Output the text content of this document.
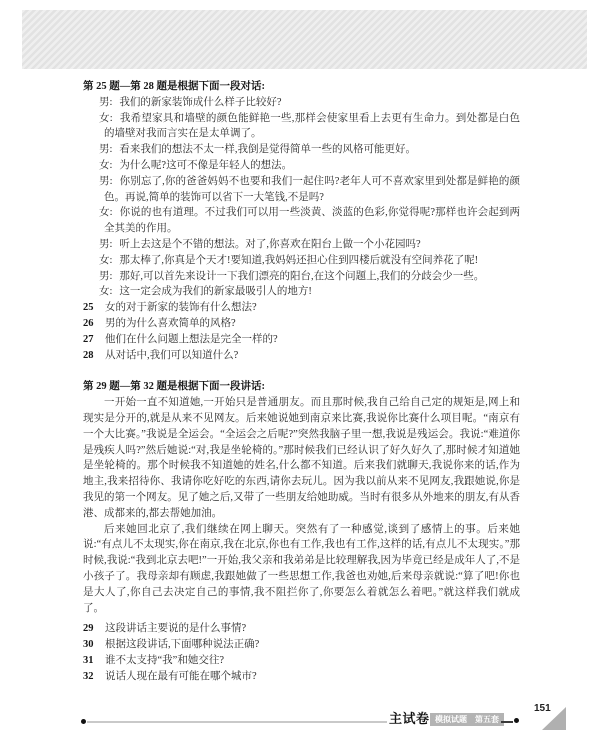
第 25 题—第 28 题是根据下面一段对话:

男: 我们的新家装饰成什么样子比较好?

女: 我希望家具和墙壁的颜色能鲜艳一些,那样会使家里看上去更有生命力。到处都是白色的墙壁对我而言实在是太单调了。

男: 看来我们的想法不太一样,我倒是觉得简单一些的风格可能更好。

女: 为什么呢?这可不像是年轻人的想法。

男: 你别忘了,你的爸爸妈妈不也要和我们一起住吗?老年人可不喜欢家里到处都是鲜艳的颜色。再说,简单的装饰可以省下一大笔钱,不是吗?

女: 你说的也有道理。不过我们可以用一些淡黄、淡蓝的色彩,你觉得呢?那样也许会起到两全其美的作用。

男: 听上去这是个不错的想法。对了,你喜欢在阳台上做一个小花园吗?

女: 那太棒了,你真是个天才!要知道,我妈妈还担心住到四楼后就没有空间养花了呢!

男: 那好,可以首先来设计一下我们漂亮的阳台,在这个问题上,我们的分歧会少一些。

女: 这一定会成为我们的新家最吸引人的地方!

25 女的对于新家的装饰有什么想法?

26 男的为什么喜欢简单的风格?

27 他们在什么问题上想法是完全一样的?

28 从对话中,我们可以知道什么?

第 29 题—第 32 题是根据下面一段讲话:

一开始一直不知道她,一开始只是普通朋友。而且那时候,我自己给自己定的规矩是,网上和现实是分开的,就是从来不见网友。后来她说她到南京来比赛,我说你比赛什么项目呢。“南京有一个大比赛。”我说是全运会。“全运会之后呢?”突然我脑子里一想,我说是残运会。我说:“难道你是残疾人吗?”然后她说:“对,我是坐轮椅的。”那时候我们已经认识了好久好久了,那时候才知道她是坐轮椅的。那个时候我不知道她的姓名,什么都不知道。后来我们就聊天,我说你来的话,作为地主,我来招待你、我请你吃好吃的东西,请你去玩儿。因为我以前从来不见网友,我跟她说,你是我见的第一个网友。见了她之后,又带了一些朋友给她助威。当时有很多从外地来的朋友,有从香港、成都来的,都去帮她加油。

后来她回北京了,我们继续在网上聊天。突然有了一种感觉,谈到了感情上的事。后来她说:“有点儿不太现实,你在南京,我在北京,你也有工作,我也有工作,这样的话,有点儿不太现实。”那时候,我说:“我到北京去吧!”一开始,我父亲和我弟弟是比较理解我,因为毕竟已经是成年人了,不是小孩子了。我母亲却有顾虑,我跟她做了一些思想工作,我爸也劝她,后来母亲就说:“算了吧!你也是大人了,你自己去决定自己的事情,我不阻拦你了,你要怎么着就怎么着吧。”就这样我们就成了。

29 这段讲话主要说的是什么事情?

30 根据这段讲话,下面哪种说法正确?

31 谁不太支持“我”和她交往?

32 说话人现在最有可能在哪个城市?

主试卷 模拟试题　第五套
151
